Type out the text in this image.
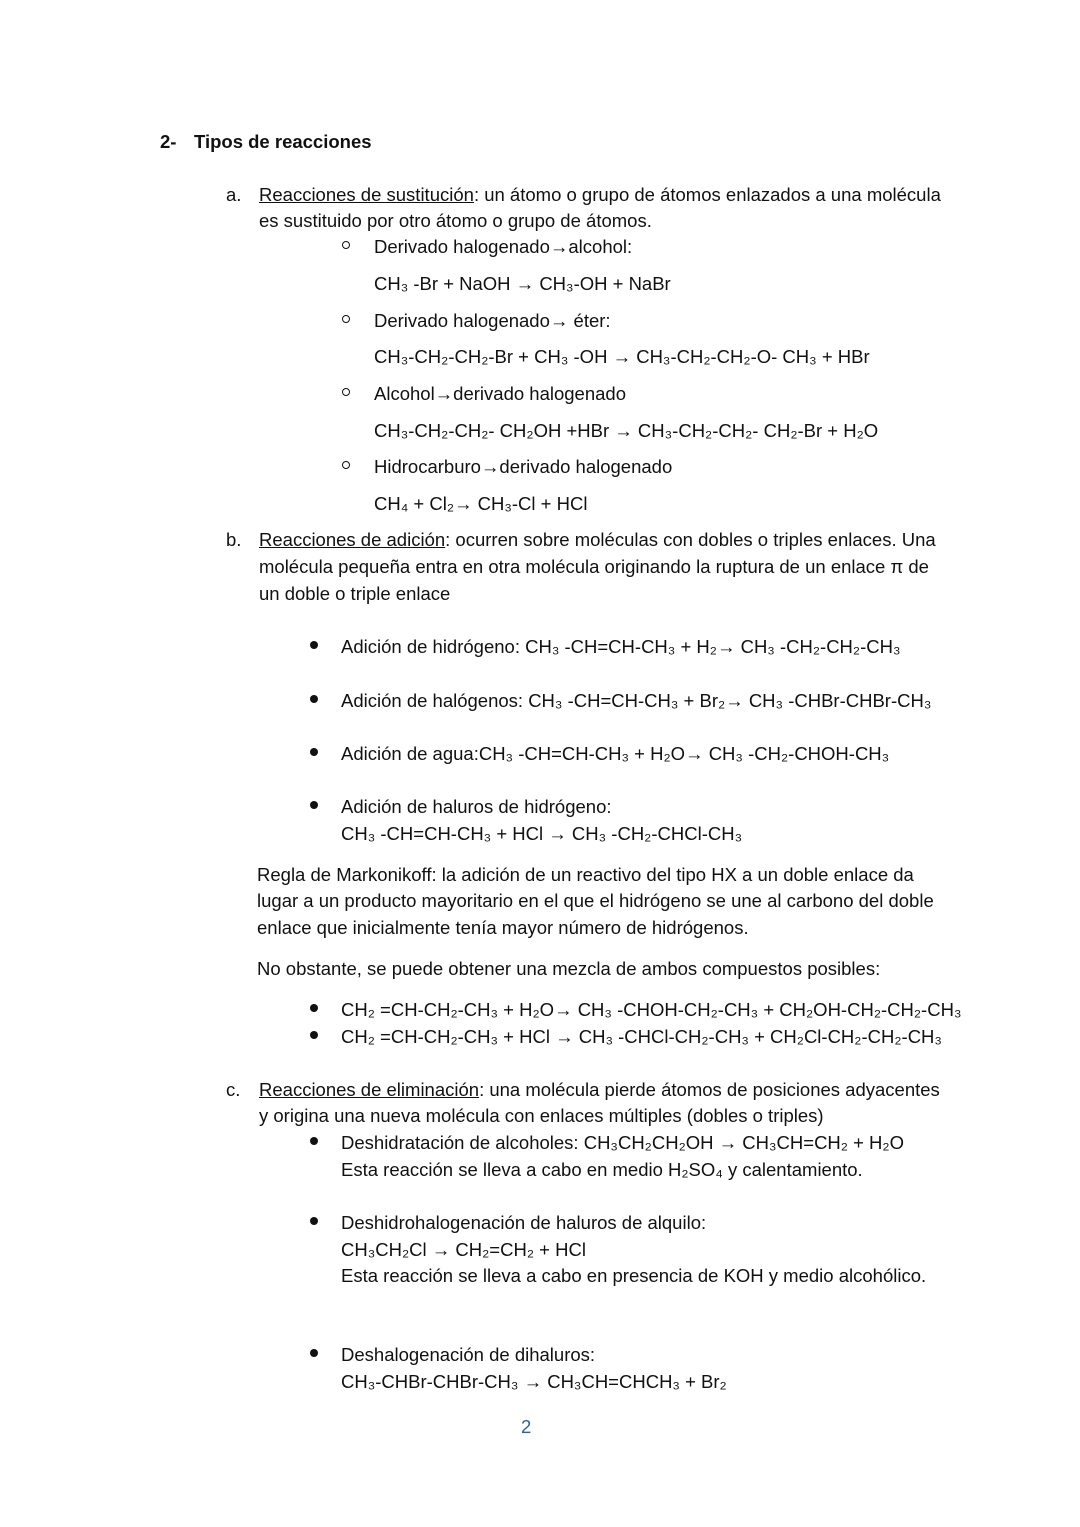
2- Tipos de reacciones
a. Reacciones de sustitución: un átomo o grupo de átomos enlazados a una molécula
es sustituido por otro átomo o grupo de átomos.
Derivado halogenado→alcohol:
CH₃ -Br + NaOH → CH₃-OH + NaBr
Derivado halogenado→ éter:
CH₃-CH₂-CH₂-Br + CH₃ -OH → CH₃-CH₂-CH₂-O- CH₃ + HBr
Alcohol→derivado halogenado
CH₃-CH₂-CH₂- CH₂OH +HBr → CH₃-CH₂-CH₂- CH₂-Br + H₂O
Hidrocarburo→derivado halogenado
CH₄ + Cl₂→ CH₃-Cl + HCl
b. Reacciones de adición: ocurren sobre moléculas con dobles o triples enlaces. Una
molécula pequeña entra en otra molécula originando la ruptura de un enlace π de
un doble o triple enlace
Adición de hidrógeno: CH₃ -CH=CH-CH₃ + H₂→ CH₃ -CH₂-CH₂-CH₃
Adición de halógenos: CH₃ -CH=CH-CH₃ + Br₂→ CH₃ -CHBr-CHBr-CH₃
Adición de agua:CH₃ -CH=CH-CH₃ + H₂O→ CH₃ -CH₂-CHOH-CH₃
Adición de haluros de hidrógeno:
CH₃ -CH=CH-CH₃ + HCl → CH₃ -CH₂-CHCl-CH₃
Regla de Markonikoff: la adición de un reactivo del tipo HX a un doble enlace da
lugar a un producto mayoritario en el que el hidrógeno se une al carbono del doble
enlace que inicialmente tenía mayor número de hidrógenos.
No obstante, se puede obtener una mezcla de ambos compuestos posibles:
CH₂ =CH-CH₂-CH₃ + H₂O→ CH₃ -CHOH-CH₂-CH₃ + CH₂OH-CH₂-CH₂-CH₃
CH₂ =CH-CH₂-CH₃ + HCl → CH₃ -CHCl-CH₂-CH₃ + CH₂Cl-CH₂-CH₂-CH₃
c. Reacciones de eliminación: una molécula pierde átomos de posiciones adyacentes
y origina una nueva molécula con enlaces múltiples (dobles o triples)
Deshidratación de alcoholes: CH₃CH₂CH₂OH → CH₃CH=CH₂ + H₂O
Esta reacción se lleva a cabo en medio H₂SO₄ y calentamiento.
Deshidrohalogenación de haluros de alquilo:
CH₃CH₂Cl → CH₂=CH₂ + HCl
Esta reacción se lleva a cabo en presencia de KOH y medio alcohólico.
Deshalogenación de dihaluros:
CH₃-CHBr-CHBr-CH₃ → CH₃CH=CHCH₃ + Br₂
2
